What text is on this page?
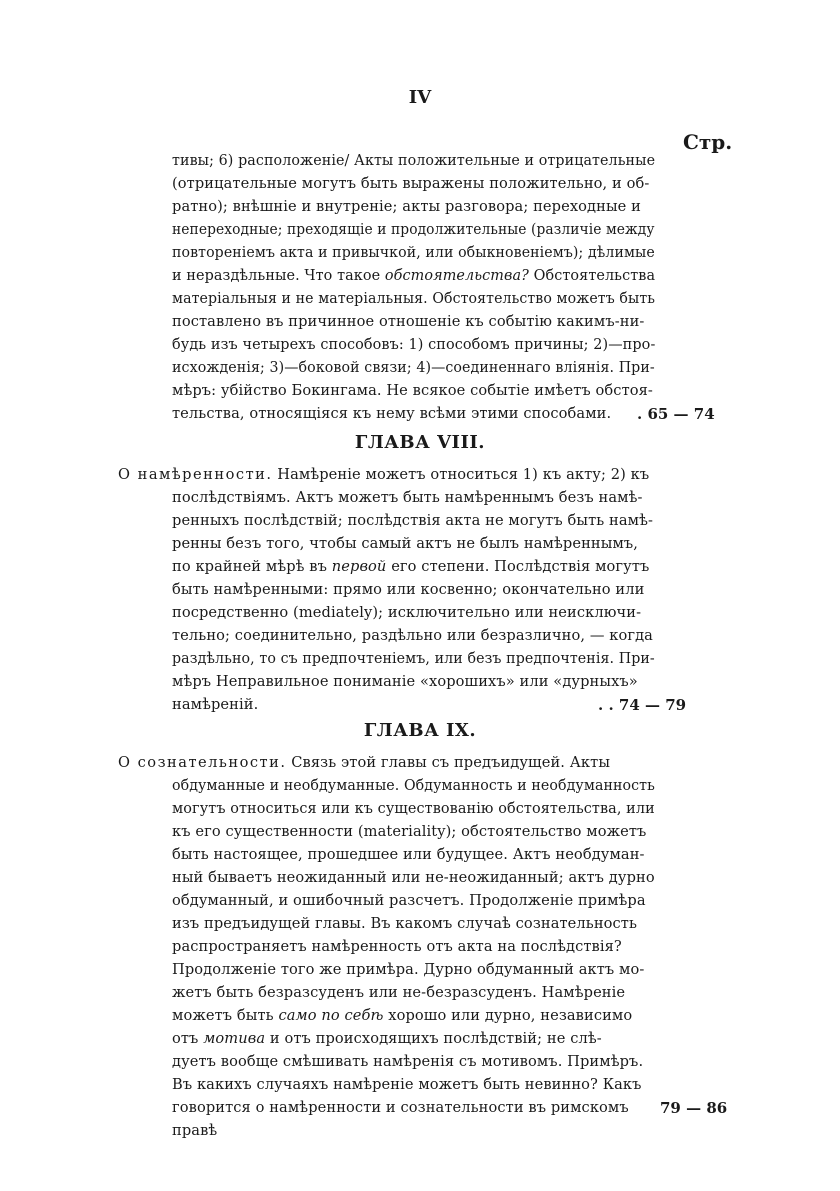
IV
Стр.
тивы; 6) расположеніе/ Акты положительные и отрицательные
(отрицательные могутъ быть выражены положительно, и об-
ратно); внѣшніе и внутреніе; акты разговора; переходные и
непереходные; преходящіе и продолжительные (различіе между
повтореніемъ акта и привычкой, или обыкновеніемъ); дѣлимые
и нераздѣльные. Что такое обстоятельства? Обстоятельства
матеріальныя и не матеріальныя. Обстоятельство можетъ быть
поставлено въ причинное отношеніе къ событію какимъ-ни-
будь изъ четырехъ способовъ: 1) способомъ причины; 2)—про-
исхожденія; 3)—боковой связи; 4)—соединеннаго вліянія. При-
мѣръ: убійство Бокингама. Не всякое событіе имѣетъ обстоя-
тельства, относящіяся къ нему всѣми этими способами. . 65 — 74
ГЛАВА VIII.
О намѣренности. Намѣреніе можетъ относиться 1) къ акту; 2) къ
послѣдствіямъ. Актъ можетъ быть намѣреннымъ безъ намѣ-
ренныхъ послѣдствій; послѣдствія акта не могутъ быть намѣ-
ренны безъ того, чтобы самый актъ не былъ намѣреннымъ,
по крайней мѣрѣ въ первой его степени. Послѣдствія могутъ
быть намѣренными: прямо или косвенно; окончательно или
посредственно (mediately); исключительно или неисключи-
тельно; соединительно, раздѣльно или безразлично, — когда
раздѣльно, то съ предпочтеніемъ, или безъ предпочтенія. При-
мѣръ Неправильное пониманіе «хорошихъ» или «дурныхъ»
намѣреній.	. . 74 — 79
ГЛАВА IX.
О сознательности. Связь этой главы съ предъидущей. Акты
обдуманные и необдуманные. Обдуманность и необдуманность
могутъ относиться или къ существованію обстоятельства, или
къ его существенности (materiality); обстоятельство можетъ
быть настоящее, прошедшее или будущее. Актъ необдуман-
ный бываетъ неожиданный или не-неожиданный; актъ дурно
обдуманный, и ошибочный разсчетъ. Продолженіе примѣра
изъ предъидущей главы. Въ какомъ случаѣ сознательность
распространяетъ намѣренность отъ акта на послѣдствія?
Продолженіе того же примѣра. Дурно обдуманный актъ мо-
жетъ быть безразсуденъ или не-безразсуденъ. Намѣреніе
можетъ быть само по себѣ хорошо или дурно, независимо
отъ мотива и отъ происходящихъ послѣдствій; не слѣ-
дуетъ вообще смѣшивать намѣренія съ мотивомъ. Примѣръ.
Въ какихъ случаяхъ намѣреніе можетъ быть невинно? Какъ
говорится о намѣренности и сознательности въ римскомъ
правѣ
79 — 86
